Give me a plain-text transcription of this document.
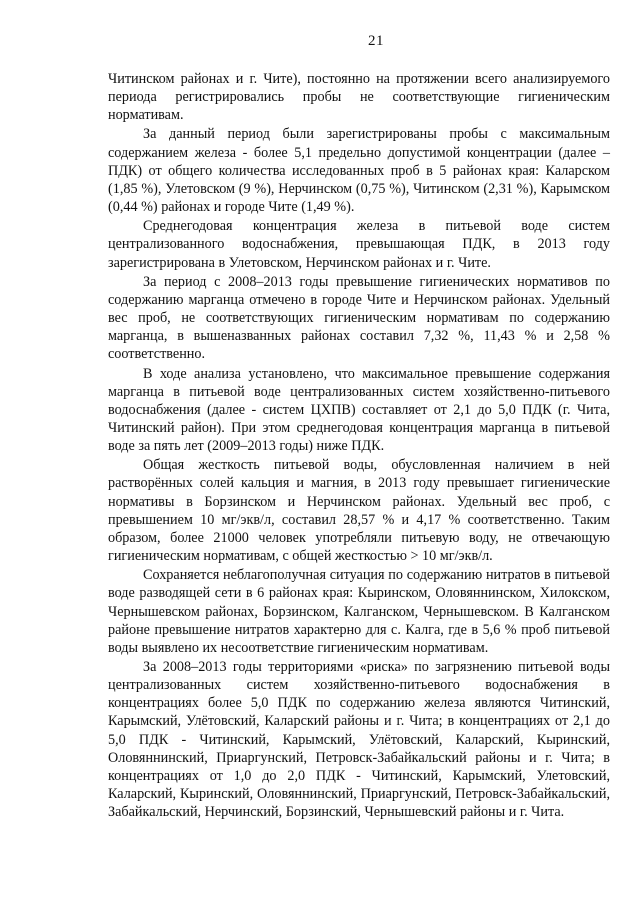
21

Читинском районах и г. Чите), постоянно на протяжении всего анализируемого периода регистрировались пробы не соответствующие гигиеническим нормативам.

За данный период были зарегистрированы пробы с максимальным содержанием железа - более 5,1 предельно допустимой концентрации (далее – ПДК) от общего количества исследованных проб в 5 районах края: Каларском (1,85 %), Улетовском (9 %), Нерчинском (0,75 %), Читинском (2,31 %), Карымском (0,44 %) районах и городе Чите (1,49 %).

Среднегодовая концентрация железа в питьевой воде систем централизованного водоснабжения, превышающая ПДК, в 2013 году зарегистрирована в Улетовском, Нерчинском районах и г. Чите.

За период с 2008–2013 годы превышение гигиенических нормативов по содержанию марганца отмечено в городе Чите и Нерчинском районах. Удельный вес проб, не соответствующих гигиеническим нормативам по содержанию марганца, в вышеназванных районах составил 7,32 %, 11,43 % и 2,58 % соответственно.

В ходе анализа установлено, что максимальное превышение содержания марганца в питьевой воде централизованных систем хозяйственно-питьевого водоснабжения (далее - систем ЦХПВ) составляет от 2,1 до 5,0 ПДК (г. Чита, Читинский район). При этом среднегодовая концентрация марганца в питьевой воде за пять лет (2009–2013 годы) ниже ПДК.

Общая жесткость питьевой воды, обусловленная наличием в ней растворённых солей кальция и магния, в 2013 году превышает гигиенические нормативы в Борзинском и Нерчинском районах. Удельный вес проб, с превышением 10 мг/экв/л, составил 28,57 % и 4,17 % соответственно. Таким образом, более 21000 человек употребляли питьевую воду, не отвечающую гигиеническим нормативам, с общей жесткостью > 10 мг/экв/л.

Сохраняется неблагополучная ситуация по содержанию нитратов в питьевой воде разводящей сети в 6 районах края: Кыринском, Оловяннинском, Хилокском, Чернышевском районах, Борзинском, Калганском, Чернышевском. В Калганском районе превышение нитратов характерно для с. Калга, где в 5,6 % проб питьевой воды выявлено их несоответствие гигиеническим нормативам.

За 2008–2013 годы территориями «риска» по загрязнению питьевой воды централизованных систем хозяйственно-питьевого водоснабжения в концентрациях более 5,0 ПДК по содержанию железа являются Читинский, Карымский, Улётовский, Каларский районы и г. Чита; в концентрациях от 2,1 до 5,0 ПДК - Читинский, Карымский, Улётовский, Каларский, Кыринский, Оловяннинский, Приаргунский, Петровск-Забайкальский районы и г. Чита; в концентрациях от 1,0 до 2,0 ПДК - Читинский, Карымский, Улетовский, Каларский, Кыринский, Оловяннинский, Приаргунский, Петровск-Забайкальский, Забайкальский, Нерчинский, Борзинский, Чернышевский районы и г. Чита.
